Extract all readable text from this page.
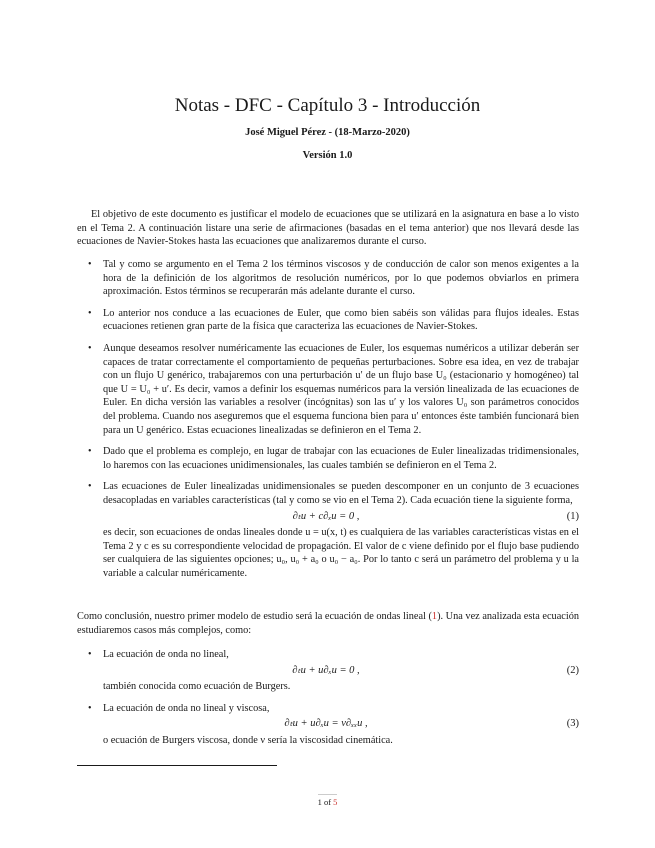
Notas - DFC - Capítulo 3 - Introducción
José Miguel Pérez - (18-Marzo-2020)
Versión 1.0

El objetivo de este documento es justificar el modelo de ecuaciones que se utilizará en la asignatura en base a lo visto en el Tema 2. A continuación listare una serie de afirmaciones (basadas en el tema anterior) que nos llevará desde las ecuaciones de Navier-Stokes hasta las ecuaciones que analizaremos durante el curso.

• Tal y como se argumento en el Tema 2 los términos viscosos y de conducción de calor son menos exigentes a la hora de la definición de los algoritmos de resolución numéricos, por lo que podemos obviarlos en primera aproximación. Estos términos se recuperarán más adelante durante el curso.

• Lo anterior nos conduce a las ecuaciones de Euler, que como bien sabéis son válidas para flujos ideales. Estas ecuaciones retienen gran parte de la física que caracteriza las ecuaciones de Navier-Stokes.

• Aunque deseamos resolver numéricamente las ecuaciones de Euler, los esquemas numéricos a utilizar deberán ser capaces de tratar correctamente el comportamiento de pequeñas perturbaciones. Sobre esa idea, en vez de trabajar con un flujo U genérico, trabajaremos con una perturbación u′ de un flujo base U₀ (estacionario y homogéneo) tal que U = U₀ + u′. Es decir, vamos a definir los esquemas numéricos para la versión linealizada de las ecuaciones de Euler. En dicha versión las variables a resolver (incógnitas) son las u′ y los valores U₀ son parámetros conocidos del problema. Cuando nos aseguremos que el esquema funciona bien para u′ entonces éste también funcionará bien para un U genérico. Estas ecuaciones linealizadas se definieron en el Tema 2.

• Dado que el problema es complejo, en lugar de trabajar con las ecuaciones de Euler linealizadas tridimensionales, lo haremos con las ecuaciones unidimensionales, las cuales también se definieron en el Tema 2.

• Las ecuaciones de Euler linealizadas unidimensionales se pueden descomponer en un conjunto de 3 ecuaciones desacopladas en variables características (tal y como se vio en el Tema 2). Cada ecuación tiene la siguiente forma,

∂ₜu + c∂ₓu = 0 ,	(1)

es decir, son ecuaciones de ondas lineales donde u = u(x, t) es cualquiera de las variables características vistas en el Tema 2 y c es su correspondiente velocidad de propagación. El valor de c viene definido por el flujo base pudiendo ser cualquiera de las siguientes opciones; u₀, u₀ + a₀ o u₀ − a₀. Por lo tanto c será un parámetro del problema y u la variable a calcular numéricamente.

Como conclusión, nuestro primer modelo de estudio será la ecuación de ondas lineal (1). Una vez analizada esta ecuación estudiaremos casos más complejos, como:

• La ecuación de onda no lineal,

∂ₜu + u∂ₓu = 0 ,	(2)

también conocida como ecuación de Burgers.

• La ecuación de onda no lineal y viscosa,

∂ₜu + u∂ₓu = ν∂ₓₓu ,	(3)

o ecuación de Burgers viscosa, donde ν sería la viscosidad cinemática.

1 of 5
